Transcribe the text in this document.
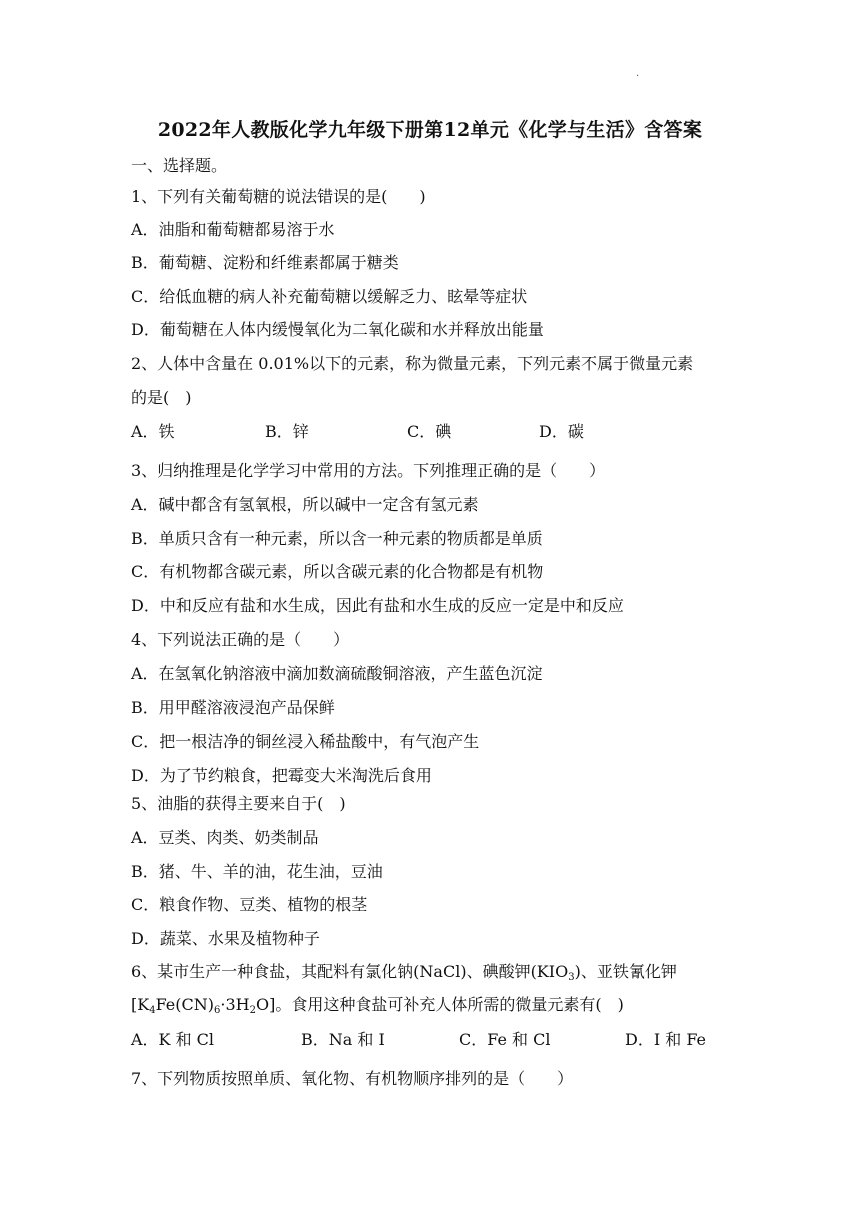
.
2022年人教版化学九年级下册第12单元《化学与生活》含答案
一、选择题。
1、下列有关葡萄糖的说法错误的是(　　)
A．油脂和葡萄糖都易溶于水
B．葡萄糖、淀粉和纤维素都属于糖类
C．给低血糖的病人补充葡萄糖以缓解乏力、眩晕等症状
D．葡萄糖在人体内缓慢氧化为二氧化碳和水并释放出能量
2、人体中含量在 0.01%以下的元素，称为微量元素，下列元素不属于微量元素
的是(　)
A．铁	B．锌	C．碘	D．碳
3、归纳推理是化学学习中常用的方法。下列推理正确的是（　　）
A．碱中都含有氢氧根，所以碱中一定含有氢元素
B．单质只含有一种元素，所以含一种元素的物质都是单质
C．有机物都含碳元素，所以含碳元素的化合物都是有机物
D．中和反应有盐和水生成，因此有盐和水生成的反应一定是中和反应
4、下列说法正确的是（　　）
A．在氢氧化钠溶液中滴加数滴硫酸铜溶液，产生蓝色沉淀
B．用甲醛溶液浸泡产品保鲜
C．把一根洁净的铜丝浸入稀盐酸中，有气泡产生
D．为了节约粮食，把霉变大米淘洗后食用
5、油脂的获得主要来自于(　)
A．豆类、肉类、奶类制品
B．猪、牛、羊的油，花生油，豆油
C．粮食作物、豆类、植物的根茎
D．蔬菜、水果及植物种子
6、某市生产一种食盐，其配料有氯化钠(NaCl)、碘酸钾$(KIO_3)$、亚铁氰化钾
$[K_4Fe(CN)_6\cdot 3H_2O]$。食用这种食盐可补充人体所需的微量元素有(　)
A．K 和 Cl	B．Na 和 I	C．Fe 和 Cl	D．I 和 Fe
7、下列物质按照单质、氧化物、有机物顺序排列的是（　　）
